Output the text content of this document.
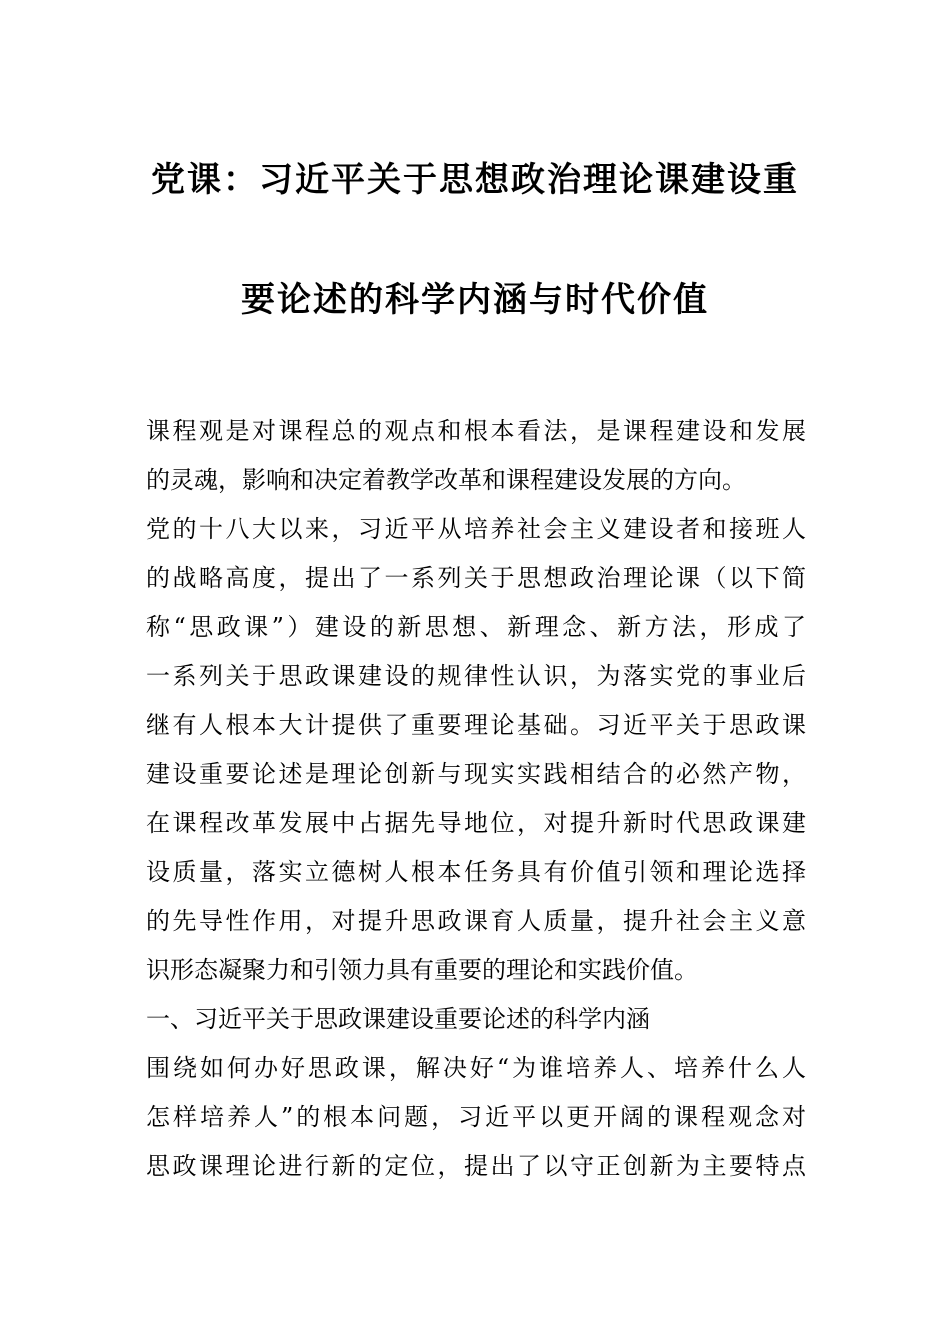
党课：习近平关于思想政治理论课建设重
要论述的科学内涵与时代价值
课程观是对课程总的观点和根本看法，是课程建设和发展
的灵魂，影响和决定着教学改革和课程建设发展的方向。
党的十八大以来，习近平从培养社会主义建设者和接班人
的战略高度，提出了一系列关于思想政治理论课（以下简
称“思政课”）建设的新思想、新理念、新方法，形成了
一系列关于思政课建设的规律性认识，为落实党的事业后
继有人根本大计提供了重要理论基础。习近平关于思政课
建设重要论述是理论创新与现实实践相结合的必然产物，
在课程改革发展中占据先导地位，对提升新时代思政课建
设质量，落实立德树人根本任务具有价值引领和理论选择
的先导性作用，对提升思政课育人质量，提升社会主义意
识形态凝聚力和引领力具有重要的理论和实践价值。
一、习近平关于思政课建设重要论述的科学内涵
围绕如何办好思政课，解决好“为谁培养人、培养什么人
怎样培养人”的根本问题，习近平以更开阔的课程观念对
思政课理论进行新的定位，提出了以守正创新为主要特点
